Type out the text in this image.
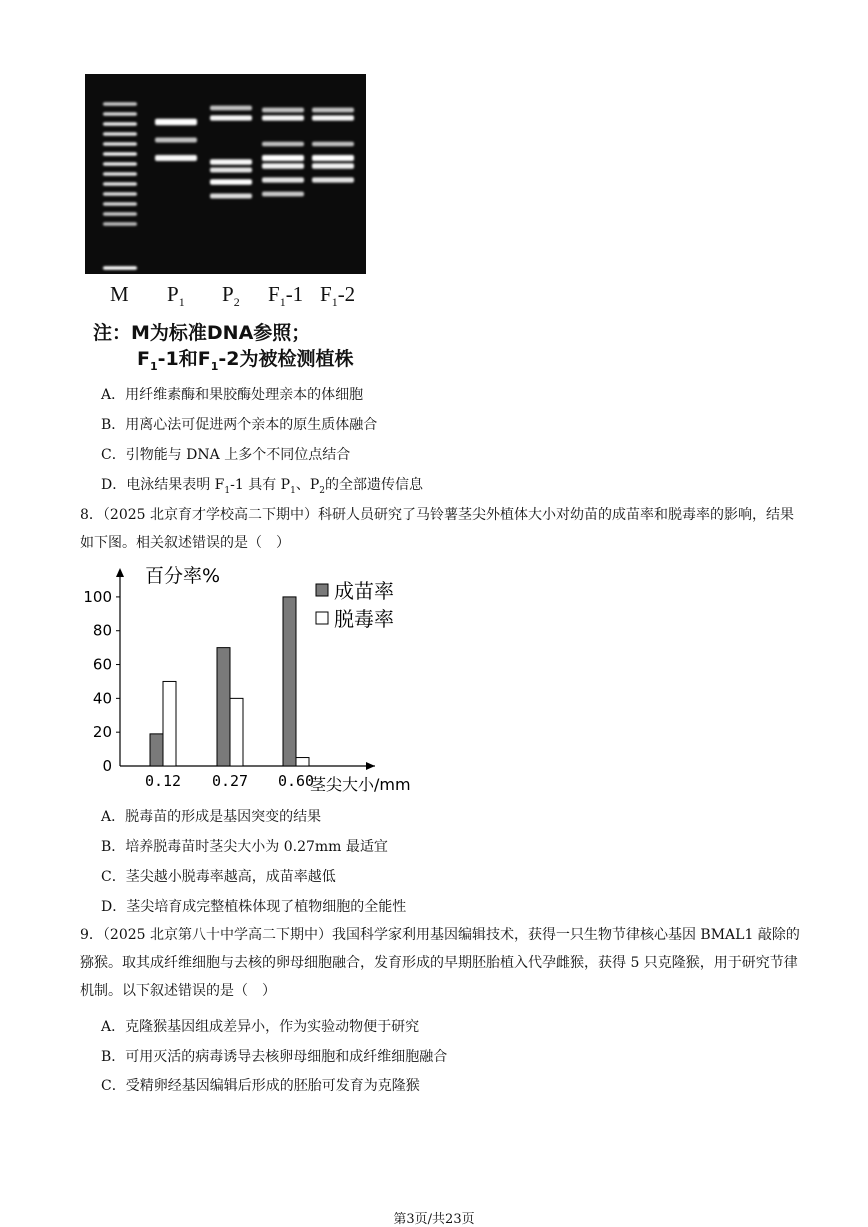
M $P_1$ $P_2$ $F_1-1$ $F_1-2$
注：M为标准DNA参照；
$F_1-1$和$F_1-2$为被检测植株
A．用纤维素酶和果胶酶处理亲本的体细胞
B．用离心法可促进两个亲本的原生质体融合
C．引物能与 DNA 上多个不同位点结合
D．电泳结果表明 $F_1-1$ 具有 $P_1$、$P_2$的全部遗传信息
8．（2025 北京育才学校高二下期中）科研人员研究了马铃薯茎尖外植体大小对幼苗的成苗率和脱毒率的影响，结果如下图。相关叙述错误的是（　）
0
20
40
60
80
100
百分率%
0.12 0.27 0.60
茎尖大小/mm
成苗率
脱毒率
A．脱毒苗的形成是基因突变的结果
B．培养脱毒苗时茎尖大小为 0.27mm 最适宜
C．茎尖越小脱毒率越高，成苗率越低
D．茎尖培育成完整植株体现了植物细胞的全能性
9．（2025 北京第八十中学高二下期中）我国科学家利用基因编辑技术，获得一只生物节律核心基因 BMAL1 敲除的猕猴。取其成纤维细胞与去核的卵母细胞融合，发育形成的早期胚胎植入代孕雌猴，获得 5 只克隆猴，用于研究节律机制。以下叙述错误的是（　）
A．克隆猴基因组成差异小，作为实验动物便于研究
B．可用灭活的病毒诱导去核卵母细胞和成纤维细胞融合
C．受精卵经基因编辑后形成的胚胎可发育为克隆猴
第3页/共23页
